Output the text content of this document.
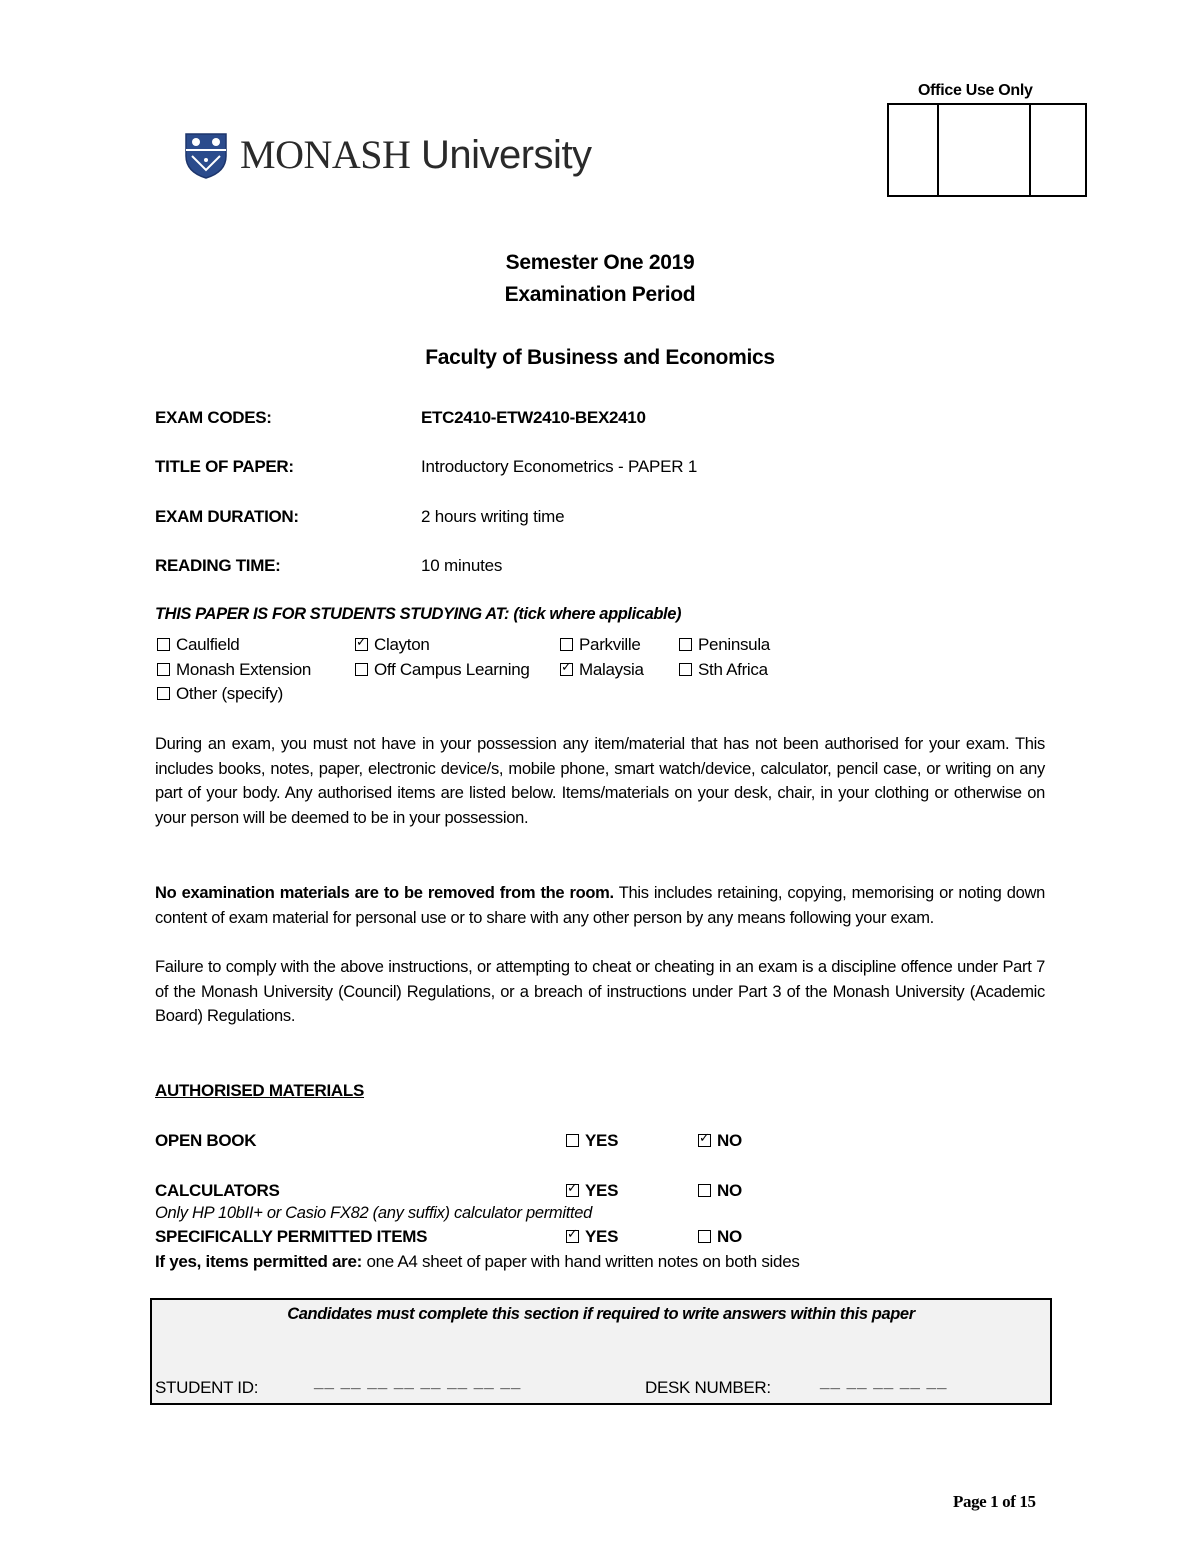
Office Use Only
MONASH University
Semester One 2019
Examination Period
Faculty of Business and Economics
EXAM CODES:	ETC2410-ETW2410-BEX2410
TITLE OF PAPER:	Introductory Econometrics - PAPER 1
EXAM DURATION:	2 hours writing time
READING TIME:	10 minutes
THIS PAPER IS FOR STUDENTS STUDYING AT: (tick where applicable)
Caulfield ✓	Clayton	Parkville	Peninsula
Monash Extension	Off Campus Learning ✓	Malaysia	Sth Africa
Other (specify)
During an exam, you must not have in your possession any item/material that has not been authorised for your exam. This includes books, notes, paper, electronic device/s, mobile phone, smart watch/device, calculator, pencil case, or writing on any part of your body. Any authorised items are listed below. Items/materials on your desk, chair, in your clothing or otherwise on your person will be deemed to be in your possession.
No examination materials are to be removed from the room. This includes retaining, copying, memorising or noting down content of exam material for personal use or to share with any other person by any means following your exam.
Failure to comply with the above instructions, or attempting to cheat or cheating in an exam is a discipline offence under Part 7 of the Monash University (Council) Regulations, or a breach of instructions under Part 3 of the Monash University (Academic Board) Regulations.
AUTHORISED MATERIALS
OPEN BOOK	YES ✓	NO
CALCULATORS ✓	YES	NO
Only HP 10bII+ or Casio FX82 (any suffix) calculator permitted
SPECIFICALLY PERMITTED ITEMS ✓	YES	NO
If yes, items permitted are: one A4 sheet of paper with hand written notes on both sides
Candidates must complete this section if required to write answers within this paper
STUDENT ID:	__ __ __ __ __ __ __ __	DESK NUMBER:	__ __ __ __ __
Page 1 of 15
